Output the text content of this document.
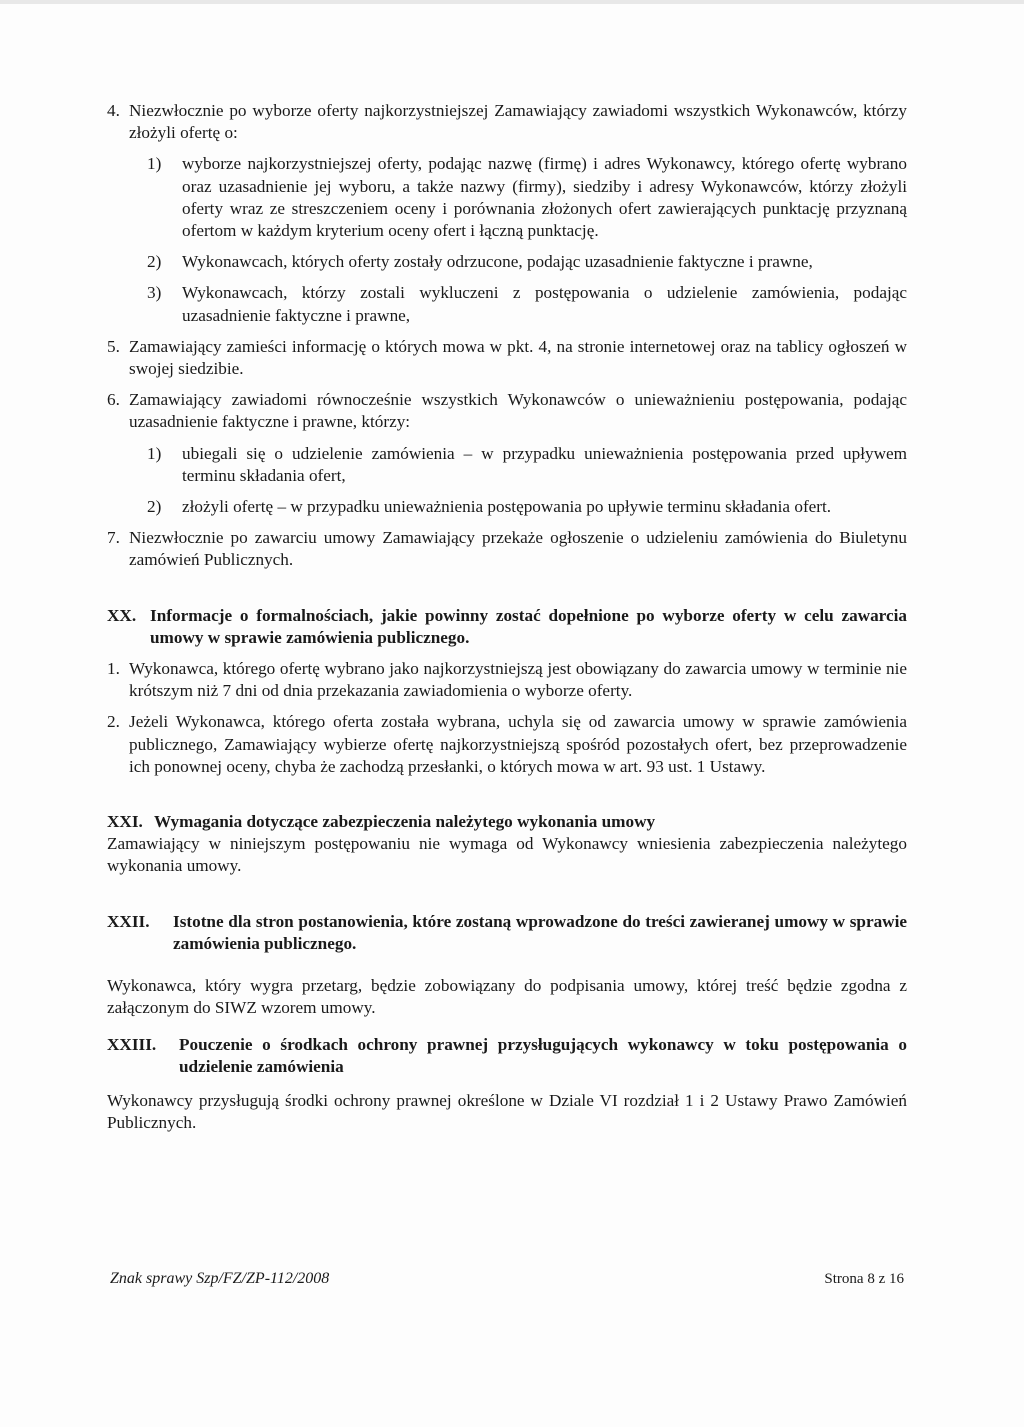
4. Niezwłocznie po wyborze oferty najkorzystniejszej Zamawiający zawiadomi wszystkich Wykonawców, którzy złożyli ofertę o:
1)	wyborze najkorzystniejszej oferty, podając nazwę (firmę) i adres Wykonawcy, którego ofertę wybrano oraz uzasadnienie jej wyboru, a także nazwy (firmy), siedziby i adresy Wykonawców, którzy złożyli oferty wraz ze streszczeniem oceny i porównania złożonych ofert zawierających punktację przyznaną ofertom w każdym kryterium oceny ofert i łączną punktację.
2)	Wykonawcach, których oferty zostały odrzucone, podając uzasadnienie faktyczne i prawne,
3)	Wykonawcach, którzy zostali wykluczeni z postępowania o udzielenie zamówienia, podając uzasadnienie faktyczne i prawne,
5. Zamawiający zamieści informację o których mowa w pkt. 4, na stronie internetowej oraz na tablicy ogłoszeń w swojej siedzibie.
6. Zamawiający zawiadomi równocześnie wszystkich Wykonawców o unieważnieniu postępowania, podając uzasadnienie faktyczne i prawne, którzy:
1)	ubiegali się o udzielenie zamówienia – w przypadku unieważnienia postępowania przed upływem terminu składania ofert,
2)	złożyli ofertę – w przypadku unieważnienia postępowania po upływie terminu składania ofert.
7. Niezwłocznie po zawarciu umowy Zamawiający przekaże ogłoszenie o udzieleniu zamówienia do Biuletynu zamówień Publicznych.
XX. Informacje o formalnościach, jakie powinny zostać dopełnione po wyborze oferty w celu zawarcia umowy w sprawie zamówienia publicznego.
1. Wykonawca, którego ofertę wybrano jako najkorzystniejszą jest obowiązany do zawarcia umowy w terminie nie krótszym niż 7 dni od dnia przekazania zawiadomienia o wyborze oferty.
2. Jeżeli Wykonawca, którego oferta została wybrana, uchyla się od zawarcia umowy w sprawie zamówienia publicznego, Zamawiający wybierze ofertę najkorzystniejszą spośród pozostałych ofert, bez przeprowadzenie ich ponownej oceny, chyba że zachodzą przesłanki, o których mowa w art. 93 ust. 1 Ustawy.
XXI. Wymagania dotyczące zabezpieczenia należytego wykonania umowy
Zamawiający w niniejszym postępowaniu nie wymaga od Wykonawcy wniesienia zabezpieczenia należytego wykonania umowy.
XXII.	Istotne dla stron postanowienia, które zostaną wprowadzone do treści zawieranej umowy w sprawie zamówienia publicznego.
Wykonawca, który wygra przetarg, będzie zobowiązany do podpisania umowy, której treść będzie zgodna z załączonym do SIWZ wzorem umowy.
XXIII.	Pouczenie o środkach ochrony prawnej przysługujących wykonawcy w toku postępowania o udzielenie zamówienia
Wykonawcy przysługują środki ochrony prawnej określone w Dziale VI rozdział 1 i 2 Ustawy Prawo Zamówień Publicznych.
Znak sprawy Szp/FZ/ZP-112/2008	Strona 8 z 16
